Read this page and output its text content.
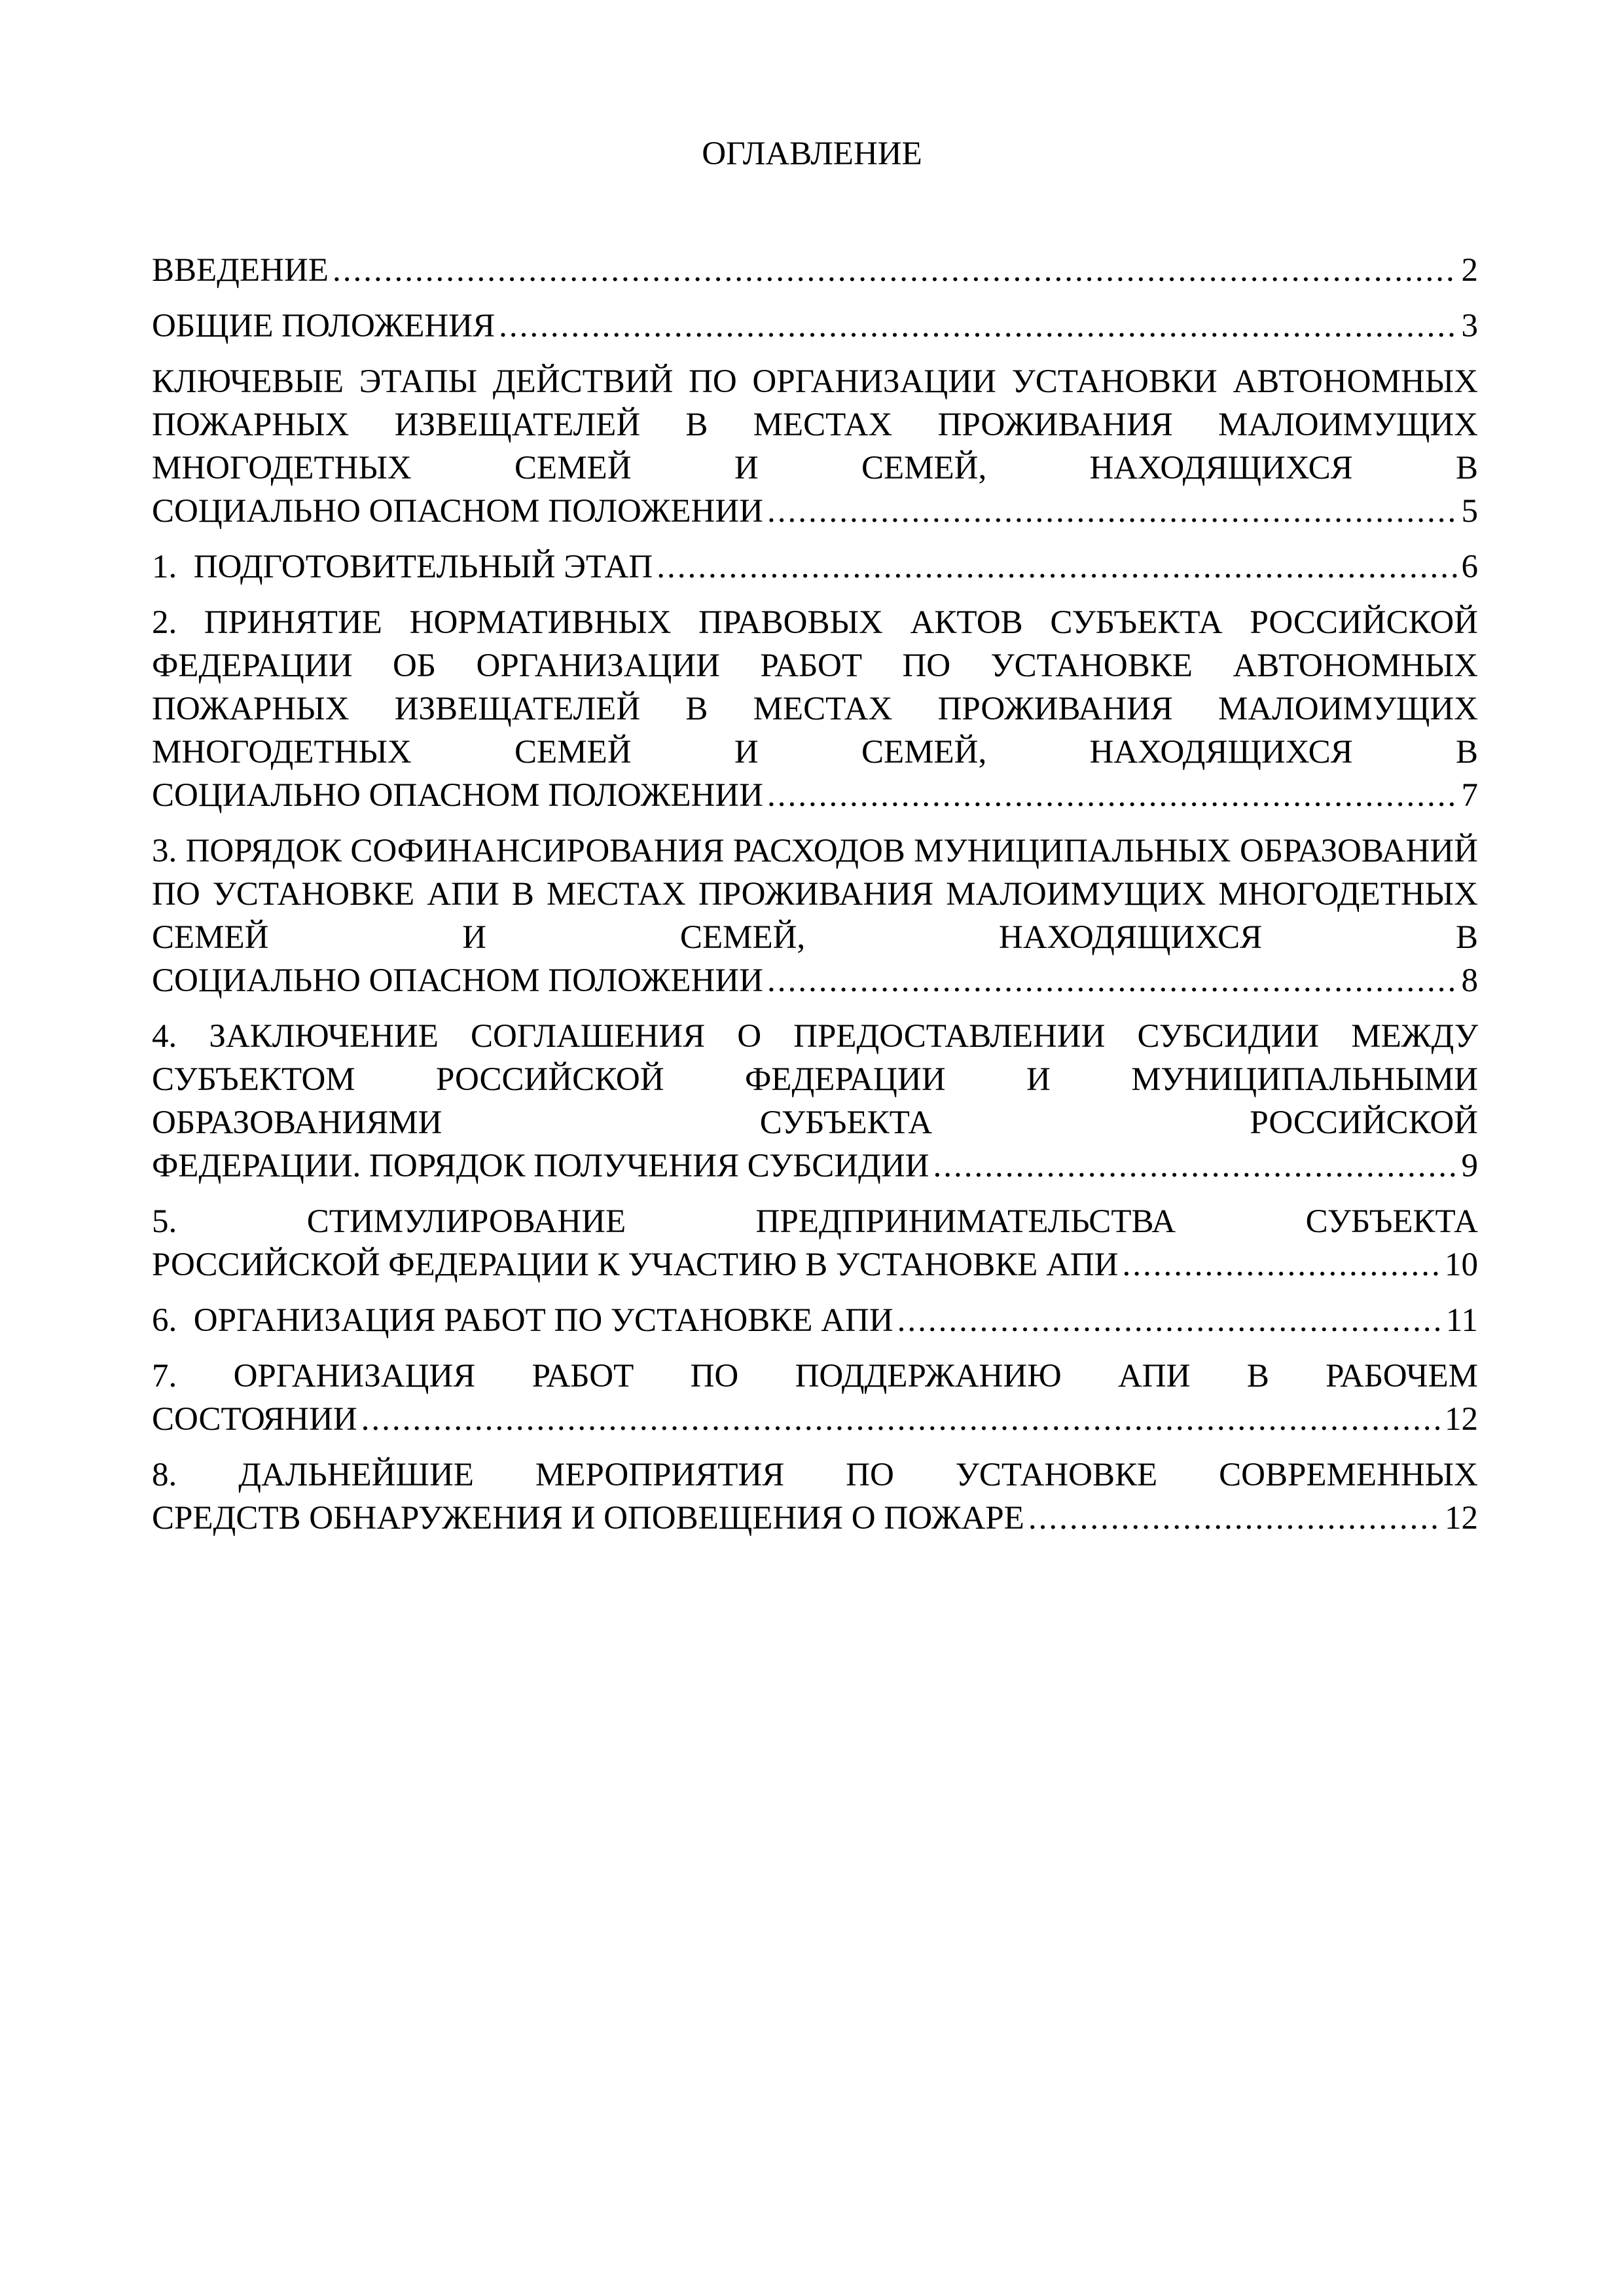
ОГЛАВЛЕНИЕ
ВВЕДЕНИЕ .....	2
ОБЩИЕ ПОЛОЖЕНИЯ .....	3
КЛЮЧЕВЫЕ ЭТАПЫ ДЕЙСТВИЙ ПО ОРГАНИЗАЦИИ УСТАНОВКИ АВТОНОМНЫХ ПОЖАРНЫХ ИЗВЕЩАТЕЛЕЙ В МЕСТАХ ПРОЖИВАНИЯ МАЛОИМУЩИХ МНОГОДЕТНЫХ СЕМЕЙ И СЕМЕЙ, НАХОДЯЩИХСЯ В
СОЦИАЛЬНО ОПАСНОМ ПОЛОЖЕНИИ .....	5
1.  ПОДГОТОВИТЕЛЬНЫЙ ЭТАП .....	6
2. ПРИНЯТИЕ НОРМАТИВНЫХ ПРАВОВЫХ АКТОВ СУБЪЕКТА РОССИЙСКОЙ ФЕДЕРАЦИИ ОБ ОРГАНИЗАЦИИ РАБОТ ПО УСТАНОВКЕ АВТОНОМНЫХ ПОЖАРНЫХ ИЗВЕЩАТЕЛЕЙ В МЕСТАХ ПРОЖИВАНИЯ МАЛОИМУЩИХ МНОГОДЕТНЫХ СЕМЕЙ И СЕМЕЙ, НАХОДЯЩИХСЯ В
СОЦИАЛЬНО ОПАСНОМ ПОЛОЖЕНИИ .....	7
3. ПОРЯДОК СОФИНАНСИРОВАНИЯ РАСХОДОВ МУНИЦИПАЛЬНЫХ ОБРАЗОВАНИЙ ПО УСТАНОВКЕ АПИ В МЕСТАХ ПРОЖИВАНИЯ МАЛОИМУЩИХ МНОГОДЕТНЫХ СЕМЕЙ И СЕМЕЙ, НАХОДЯЩИХСЯ В
СОЦИАЛЬНО ОПАСНОМ ПОЛОЖЕНИИ .....	8
4. ЗАКЛЮЧЕНИЕ СОГЛАШЕНИЯ О ПРЕДОСТАВЛЕНИИ СУБСИДИИ МЕЖДУ СУБЪЕКТОМ РОССИЙСКОЙ ФЕДЕРАЦИИ И МУНИЦИПАЛЬНЫМИ ОБРАЗОВАНИЯМИ СУБЪЕКТА РОССИЙСКОЙ
ФЕДЕРАЦИИ. ПОРЯДОК ПОЛУЧЕНИЯ СУБСИДИИ .....	9
5. СТИМУЛИРОВАНИЕ ПРЕДПРИНИМАТЕЛЬСТВА СУБЪЕКТА
РОССИЙСКОЙ ФЕДЕРАЦИИ К УЧАСТИЮ В УСТАНОВКЕ АПИ .....	10
6.  ОРГАНИЗАЦИЯ РАБОТ ПО УСТАНОВКЕ АПИ .....	11
7. ОРГАНИЗАЦИЯ РАБОТ ПО ПОДДЕРЖАНИЮ АПИ В РАБОЧЕМ
СОСТОЯНИИ .....	12
8. ДАЛЬНЕЙШИЕ МЕРОПРИЯТИЯ ПО УСТАНОВКЕ СОВРЕМЕННЫХ
СРЕДСТВ ОБНАРУЖЕНИЯ И ОПОВЕЩЕНИЯ О ПОЖАРЕ .....	12
